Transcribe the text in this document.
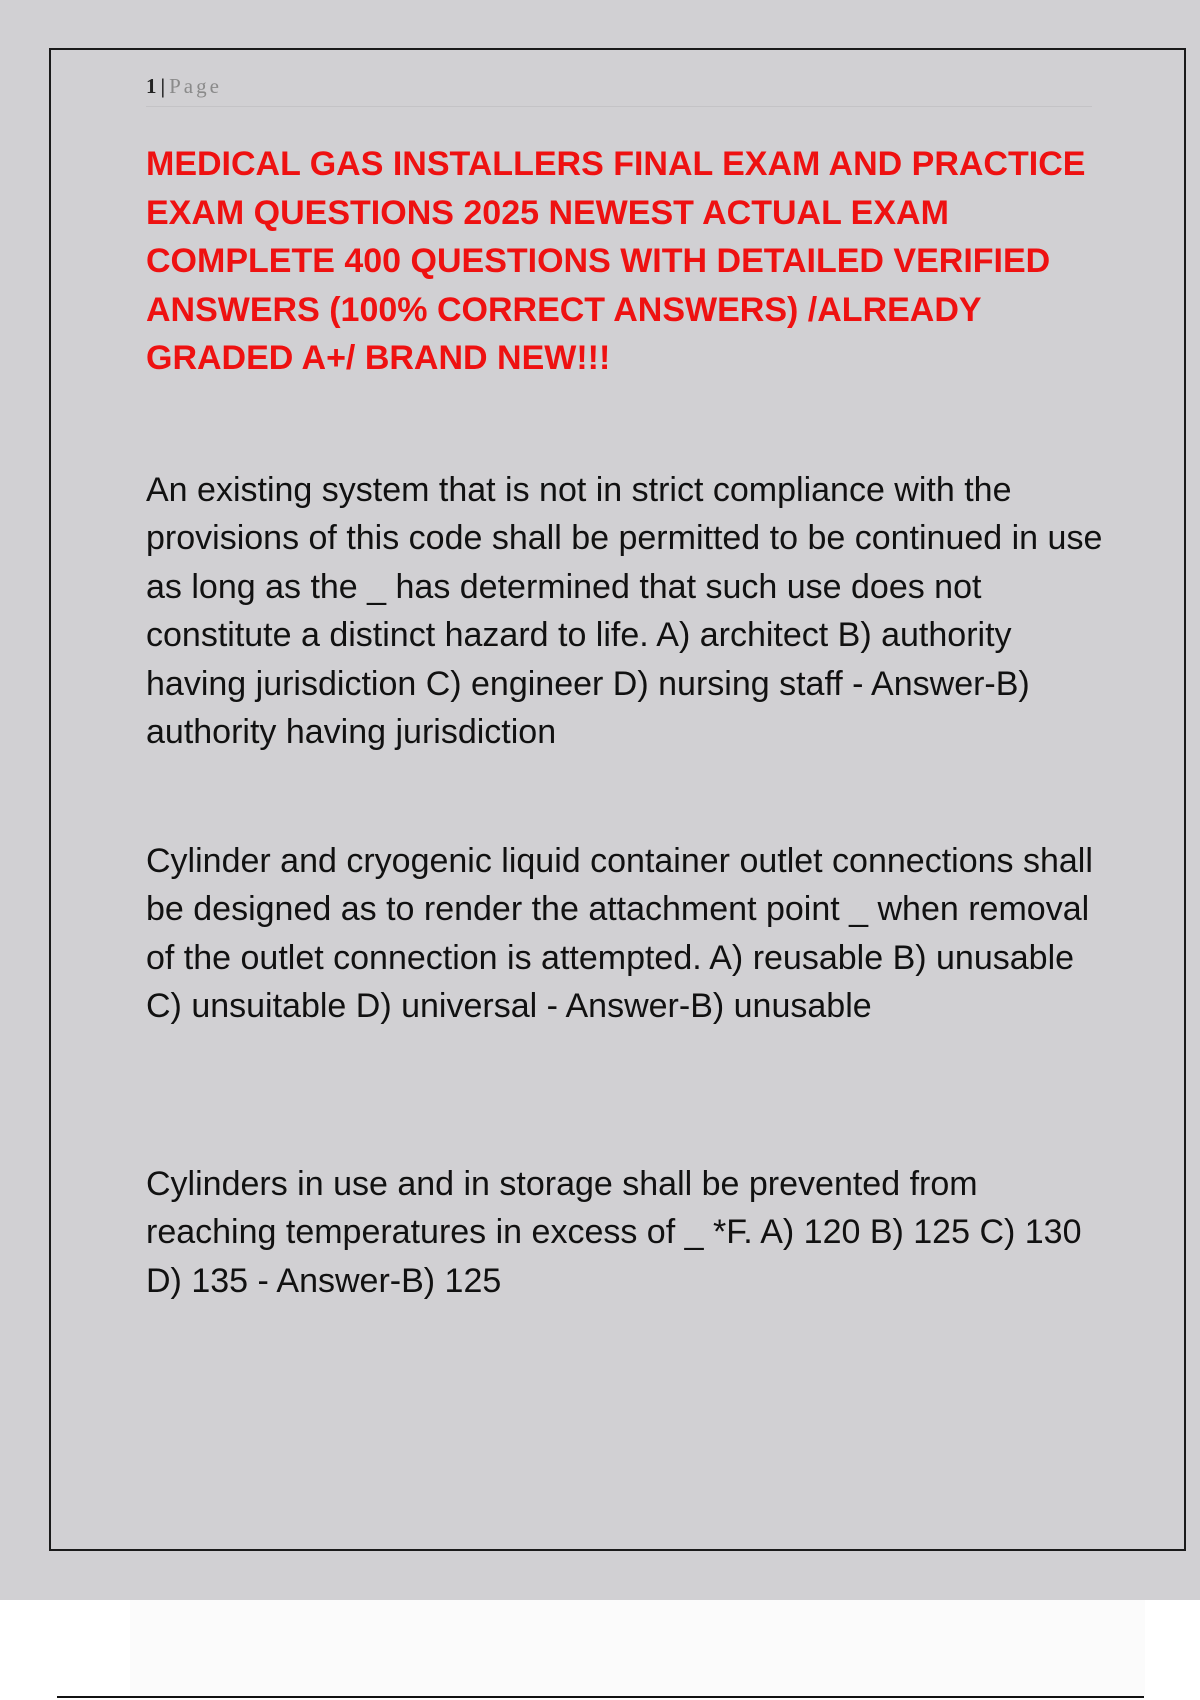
1 | Page

MEDICAL GAS INSTALLERS FINAL EXAM AND PRACTICE EXAM QUESTIONS 2025 NEWEST ACTUAL EXAM COMPLETE 400 QUESTIONS WITH DETAILED VERIFIED ANSWERS (100% CORRECT ANSWERS) /ALREADY GRADED A+/ BRAND NEW!!!

An existing system that is not in strict compliance with the provisions of this code shall be permitted to be continued in use as long as the _ has determined that such use does not constitute a distinct hazard to life. A) architect B) authority having jurisdiction C) engineer D) nursing staff - Answer-B) authority having jurisdiction

Cylinder and cryogenic liquid container outlet connections shall be designed as to render the attachment point _ when removal of the outlet connection is attempted. A) reusable B) unusable C) unsuitable D) universal - Answer-B) unusable

Cylinders in use and in storage shall be prevented from reaching temperatures in excess of _ *F. A) 120 B) 125 C) 130 D) 135 - Answer-B) 125
